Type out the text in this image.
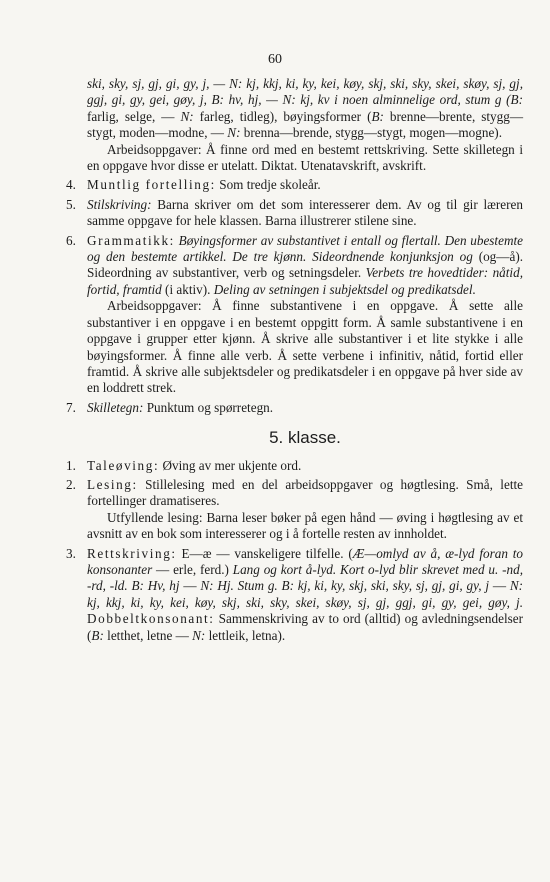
60

ski, sky, sj, gj, gi, gy, j, — N: kj, kkj, ki, ky, kei, køy, skj, ski, sky, skei, skøy, sj, gj, ggj, gi, gy, gei, gøy, j, B: hv, hj, — N: kj, kv i noen alminnelige ord, stum g (B: farlig, selge, — N: farleg, tidleg), bøyingsformer (B: brenne—brente, stygg—stygt, moden—modne, — N: brenna—brende, stygg—stygt, mogen—mogne).

Arbeidsoppgaver: Å finne ord med en bestemt rettskriving. Sette skilletegn i en oppgave hvor disse er utelatt. Diktat. Utenatavskrift, avskrift.

4. Muntlig fortelling: Som tredje skoleår.
5. Stilskriving: Barna skriver om det som interesserer dem. Av og til gir læreren samme oppgave for hele klassen. Barna illustrerer stilene sine.
6. Grammatikk: Bøyingsformer av substantivet i entall og flertall. Den ubestemte og den bestemte artikkel. De tre kjønn. Sideordnende konjunksjon og (og—å). Sideordning av substantiver, verb og setningsdeler. Verbets tre hovedtider: nåtid, fortid, framtid (i aktiv). Deling av setningen i subjektsdel og predikatsdel.

Arbeidsoppgaver: Å finne substantivene i en oppgave. Å sette alle substantiver i en oppgave i en bestemt oppgitt form. Å samle substantivene i en oppgave i grupper etter kjønn. Å skrive alle substantiver i et lite stykke i alle bøyingsformer. Å finne alle verb. Å sette verbene i infinitiv, nåtid, fortid eller framtid. Å skrive alle subjektsdeler og predikatsdeler i en oppgave på hver side av en loddrett strek.

7. Skilletegn: Punktum og spørretegn.
5. klasse.
1. Taleøving: Øving av mer ukjente ord.
2. Lesing: Stillelesing med en del arbeidsoppgaver og høgtlesing. Små, lette fortellinger dramatiseres.

Utfyllende lesing: Barna leser bøker på egen hånd — øving i høgtlesing av et avsnitt av en bok som interesserer og i å fortelle resten av innholdet.

3. Rettskriving: E—æ — vanskeligere tilfelle. (Æ—omlyd av å, æ-lyd foran to konsonanter — erle, ferd.) Lang og kort å-lyd. Kort o-lyd blir skrevet med u. -nd, -rd, -ld. B: Hv, hj — N: Hj. Stum g. B: kj, ki, ky, skj, ski, sky, sj, gj, gi, gy, j — N: kj, kkj, ki, ky, kei, køy, skj, ski, sky, skei, skøy, sj, gj, ggj, gi, gy, gei, gøy, j. Dobbeltkonsonant: Sammenskriving av to ord (alltid) og avledningsendelser (B: letthet, letne — N: lettleik, letna).
